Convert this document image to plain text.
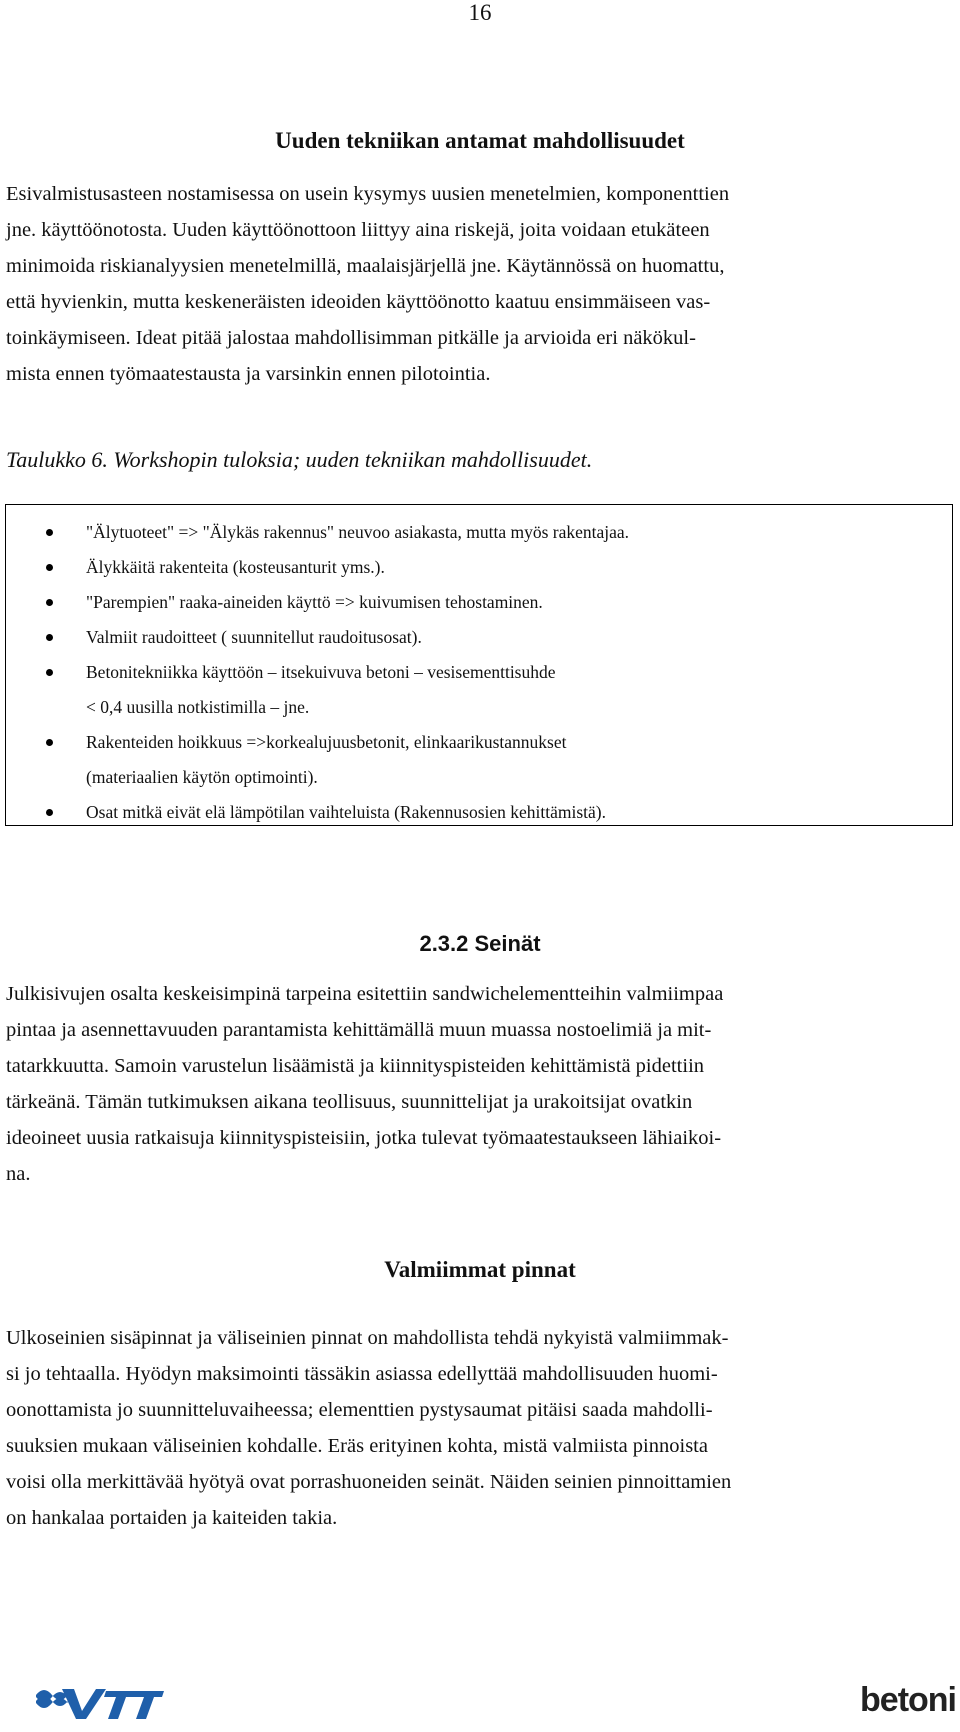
16
Uuden tekniikan antamat mahdollisuudet
Esivalmistusasteen nostamisessa on usein kysymys uusien menetelmien, komponenttien
jne. käyttöönotosta. Uuden käyttöönottoon liittyy aina riskejä, joita voidaan etukäteen
minimoida riskianalyysien menetelmillä, maalaisjärjellä jne. Käytännössä on huomattu,
että hyvienkin, mutta keskeneräisten ideoiden käyttöönotto kaatuu ensimmäiseen vas-
toinkäymiseen. Ideat pitää jalostaa mahdollisimman pitkälle ja arvioida eri näkökul-
mista ennen työmaatestausta ja varsinkin ennen pilotointia.
Taulukko 6. Workshopin tuloksia; uuden tekniikan mahdollisuudet.
"Älytuoteet" => "Älykäs rakennus" neuvoo asiakasta, mutta myös rakentajaa.
Älykkäitä rakenteita (kosteusanturit yms.).
"Parempien" raaka-aineiden käyttö => kuivumisen tehostaminen.
Valmiit raudoitteet ( suunnitellut raudoitusosat).
Betonitekniikka käyttöön – itsekuivuva betoni – vesisementtisuhde
< 0,4 uusilla notkistimilla – jne.
Rakenteiden hoikkuus =>korkealujuusbetonit, elinkaarikustannukset
(materiaalien käytön optimointi).
Osat mitkä eivät elä lämpötilan vaihteluista (Rakennusosien kehittämistä).
2.3.2 Seinät
Julkisivujen osalta keskeisimpinä tarpeina esitettiin sandwichelementteihin valmiimpaa
pintaa ja asennettavuuden parantamista kehittämällä muun muassa nostoelimiä ja mit-
tatarkkuutta. Samoin varustelun lisäämistä ja kiinnityspisteiden kehittämistä pidettiin
tärkeänä. Tämän tutkimuksen aikana teollisuus, suunnittelijat ja urakoitsijat ovatkin
ideoineet uusia ratkaisuja kiinnityspisteisiin, jotka tulevat työmaatestaukseen lähiaikoi-
na.
Valmiimmat pinnat
Ulkoseinien sisäpinnat ja väliseinien pinnat on mahdollista tehdä nykyistä valmiimmak-
si jo tehtaalla. Hyödyn maksimointi tässäkin asiassa edellyttää mahdollisuuden huomi-
oonottamista jo suunnitteluvaiheessa; elementtien pystysaumat pitäisi saada mahdolli-
suuksien mukaan väliseinien kohdalle. Eräs erityinen kohta, mistä valmiista pinnoista
voisi olla merkittävää hyötyä ovat porrashuoneiden seinät. Näiden seinien pinnoittamien
on hankalaa portaiden ja kaiteiden takia.
betoni
